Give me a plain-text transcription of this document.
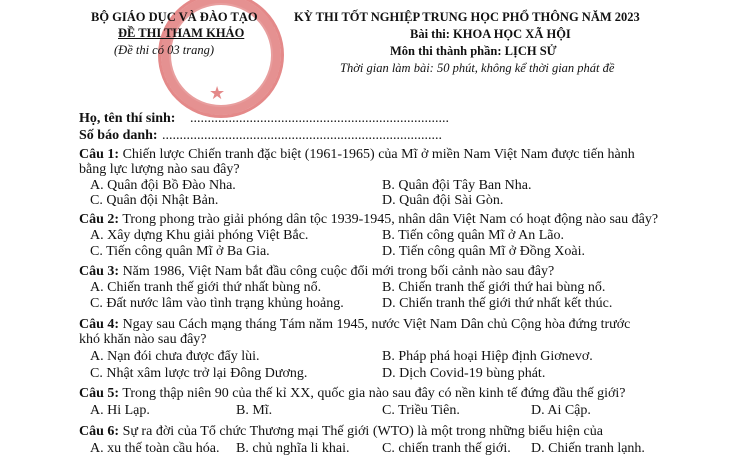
★
BỘ GIÁO DỤC VÀ ĐÀO TẠO
ĐỀ THI THAM KHẢO
(Đề thi có 03 trang)
KỲ THI TỐT NGHIỆP TRUNG HỌC PHỔ THÔNG NĂM 2023
Bài thi: KHOA HỌC XÃ HỘI
Môn thi thành phần: LỊCH SỬ
Thời gian làm bài: 50 phút, không kể thời gian phát đề
Họ, tên thí sinh: ..........................................................................
Số báo danh: ................................................................................
Câu 1: Chiến lược Chiến tranh đặc biệt (1961-1965) của Mĩ ở miền Nam Việt Nam được tiến hành
bằng lực lượng nào sau đây?
A. Quân đội Bồ Đào Nha.	B. Quân đội Tây Ban Nha.
C. Quân đội Nhật Bản.	D. Quân đội Sài Gòn.
Câu 2: Trong phong trào giải phóng dân tộc 1939-1945, nhân dân Việt Nam có hoạt động nào sau đây?
A. Xây dựng Khu giải phóng Việt Bắc.	B. Tiến công quân Mĩ ở An Lão.
C. Tiến công quân Mĩ ở Ba Gia.	D. Tiến công quân Mĩ ở Đồng Xoài.
Câu 3: Năm 1986, Việt Nam bắt đầu công cuộc đổi mới trong bối cảnh nào sau đây?
A. Chiến tranh thế giới thứ nhất bùng nổ.	B. Chiến tranh thế giới thứ hai bùng nổ.
C. Đất nước lâm vào tình trạng khủng hoảng.	D. Chiến tranh thế giới thứ nhất kết thúc.
Câu 4: Ngay sau Cách mạng tháng Tám năm 1945, nước Việt Nam Dân chủ Cộng hòa đứng trước
khó khăn nào sau đây?
A. Nạn đói chưa được đẩy lùi.	B. Pháp phá hoại Hiệp định Giơnevơ.
C. Nhật xâm lược trở lại Đông Dương.	D. Dịch Covid-19 bùng phát.
Câu 5: Trong thập niên 90 của thế kỉ XX, quốc gia nào sau đây có nền kinh tế đứng đầu thế giới?
A. Hi Lạp.	B. Mĩ.	C. Triều Tiên.	D. Ai Cập.
Câu 6: Sự ra đời của Tổ chức Thương mại Thế giới (WTO) là một trong những biểu hiện của
A. xu thế toàn cầu hóa. B. chủ nghĩa li khai. C. chiến tranh thế giới. D. Chiến tranh lạnh.
